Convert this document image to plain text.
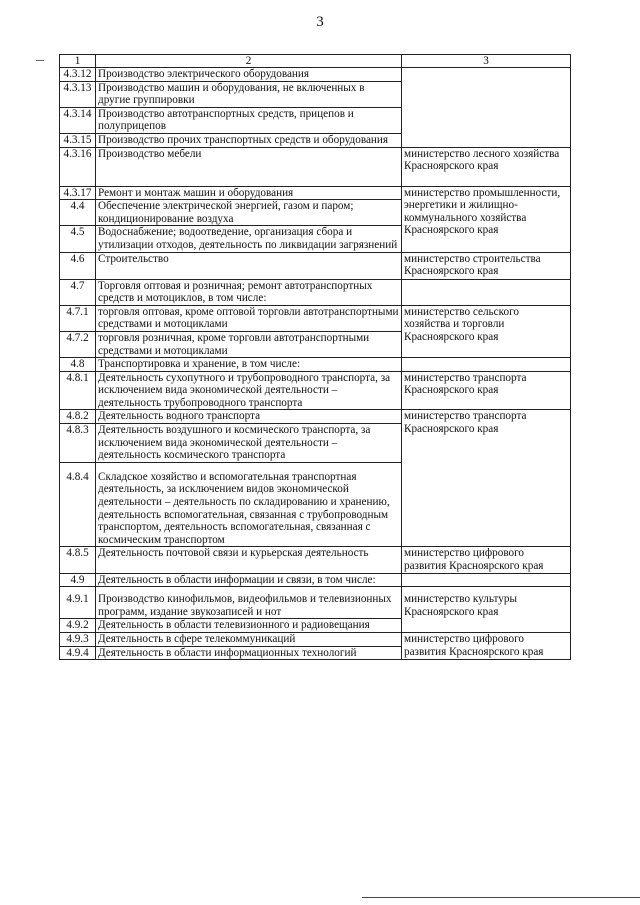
3
1	2	3
4.3.12	Производство электрического оборудования	
4.3.13	Производство машин и оборудования, не включенных в другие группировки	
4.3.14	Производство автотранспортных средств, прицепов и полуприцепов	
4.3.15	Производство прочих транспортных средств и оборудования	
4.3.16	Производство мебели	министерство лесного хозяйства Красноярского края
4.3.17	Ремонт и монтаж машин и оборудования	министерство промышленности, энергетики и жилищно-коммунального хозяйства Красноярского края
4.4	Обеспечение электрической энергией, газом и паром; кондиционирование воздуха	
4.5	Водоснабжение; водоотведение, организация сбора и утилизации отходов, деятельность по ликвидации загрязнений	
4.6	Строительство	министерство строительства Красноярского края
4.7	Торговля оптовая и розничная; ремонт автотранспортных средств и мотоциклов, в том числе:	
4.7.1	торговля оптовая, кроме оптовой торговли автотранспортными средствами и мотоциклами	министерство сельского хозяйства и торговли Красноярского края
4.7.2	торговля розничная, кроме торговли автотранспортными средствами и мотоциклами	
4.8	Транспортировка и хранение, в том числе:	
4.8.1	Деятельность сухопутного и трубопроводного транспорта, за исключением вида экономической деятельности – деятельность трубопроводного транспорта	министерство транспорта Красноярского края
4.8.2	Деятельность водного транспорта	министерство транспорта Красноярского края
4.8.3	Деятельность воздушного и космического транспорта, за исключением вида экономической деятельности – деятельность космического транспорта	
4.8.4	Складское хозяйство и вспомогательная транспортная деятельность, за исключением видов экономической деятельности – деятельность по складированию и хранению, деятельность вспомогательная, связанная с трубопроводным транспортом, деятельность вспомогательная, связанная с космическим транспортом	
4.8.5	Деятельность почтовой связи и курьерская деятельность	министерство цифрового развития Красноярского края
4.9	Деятельность в области информации и связи, в том числе:	
4.9.1	Производство кинофильмов, видеофильмов и телевизионных программ, издание звукозаписей и нот	министерство культуры Красноярского края
4.9.2	Деятельность в области телевизионного и радиовещания	
4.9.3	Деятельность в сфере телекоммуникаций	министерство цифрового развития Красноярского края
4.9.4	Деятельность в области информационных технологий	
